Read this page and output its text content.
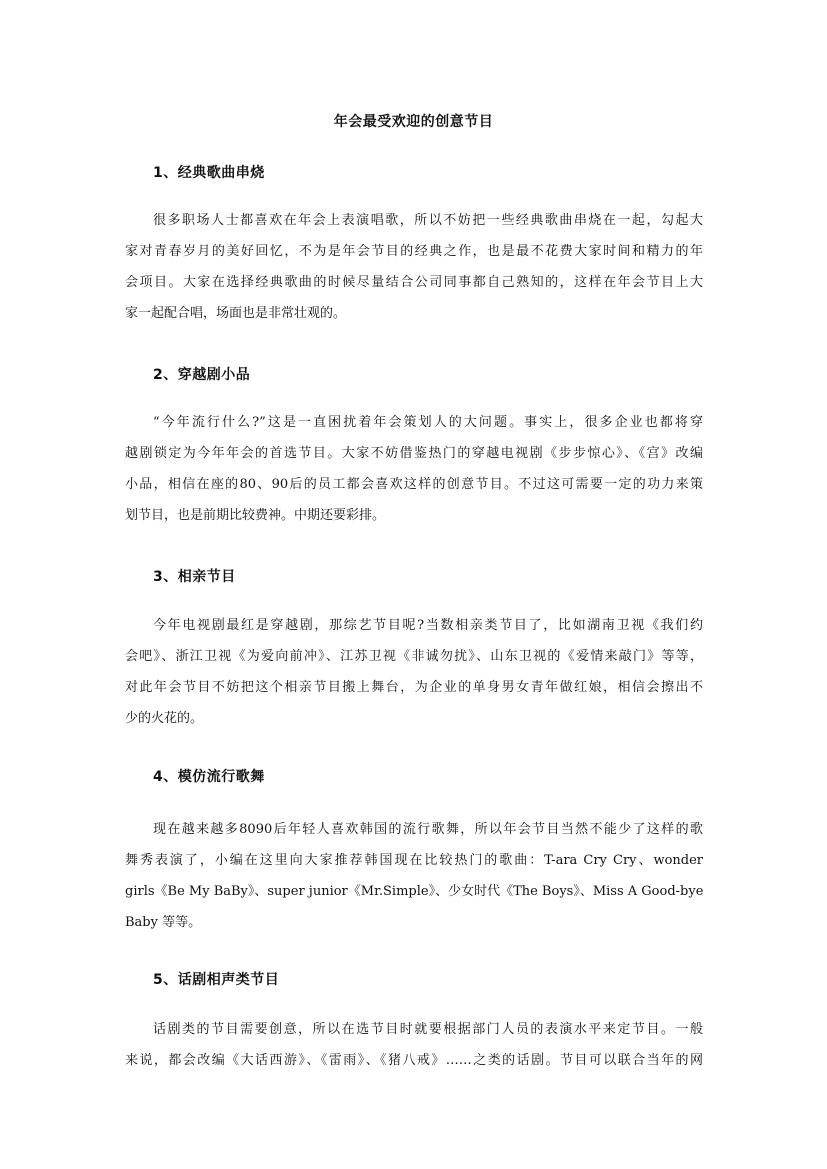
年会最受欢迎的创意节目
1、经典歌曲串烧
很多职场人士都喜欢在年会上表演唱歌，所以不妨把一些经典歌曲串烧在一起，勾起大
家对青春岁月的美好回忆，不为是年会节目的经典之作，也是最不花费大家时间和精力的年
会项目。大家在选择经典歌曲的时候尽量结合公司同事都自己熟知的，这样在年会节目上大
家一起配合唱，场面也是非常壮观的。
2、穿越剧小品
“今年流行什么?”这是一直困扰着年会策划人的大问题。事实上，很多企业也都将穿
越剧锁定为今年年会的首选节目。大家不妨借鉴热门的穿越电视剧《步步惊心》、《宫》改编
小品，相信在座的80、90后的员工都会喜欢这样的创意节目。不过这可需要一定的功力来策
划节目，也是前期比较费神。中期还要彩排。
3、相亲节目
今年电视剧最红是穿越剧，那综艺节目呢?当数相亲类节目了，比如湖南卫视《我们约
会吧》、浙江卫视《为爱向前冲》、江苏卫视《非诚勿扰》、山东卫视的《爱情来敲门》等等，
对此年会节目不妨把这个相亲节目搬上舞台，为企业的单身男女青年做红娘，相信会擦出不
少的火花的。
4、模仿流行歌舞
现在越来越多8090后年轻人喜欢韩国的流行歌舞，所以年会节目当然不能少了这样的歌
舞秀表演了，小编在这里向大家推荐韩国现在比较热门的歌曲：T-ara Cry Cry、wonder
girls《Be My BaBy》、super junior《Mr.Simple》、少女时代《The Boys》、Miss A Good-bye
Baby 等等。
5、话剧相声类节目
话剧类的节目需要创意，所以在选节目时就要根据部门人员的表演水平来定节目。一般
来说，都会改编《大话西游》、《雷雨》、《猪八戒》……之类的话剧。节目可以联合当年的网
